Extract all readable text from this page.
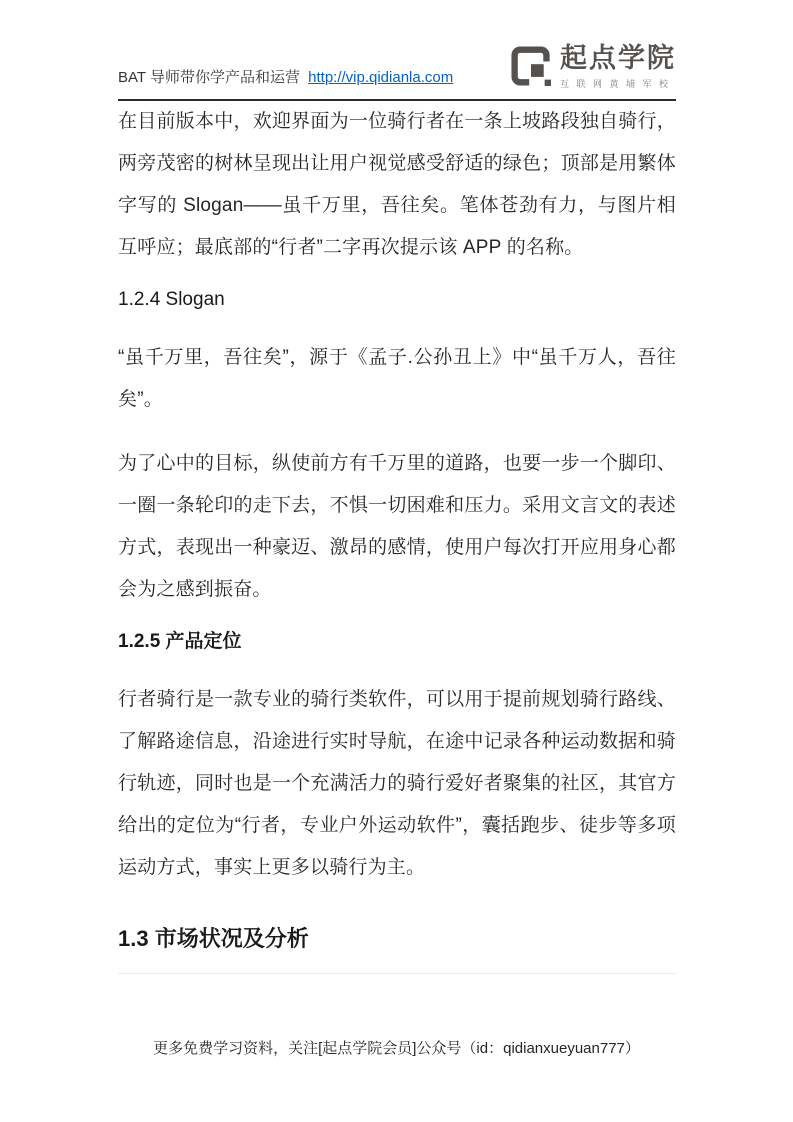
BAT 导师带你学产品和运营 http://vip.qidianla.com
起点学院
互联网黄埔军校

在目前版本中，欢迎界面为一位骑行者在一条上坡路段独自骑行，两旁茂密的树林呈现出让用户视觉感受舒适的绿色；顶部是用繁体字写的 Slogan——虽千万里，吾往矣。笔体苍劲有力，与图片相互呼应；最底部的“行者”二字再次提示该 APP 的名称。

1.2.4 Slogan

“虽千万里，吾往矣”，源于《孟子.公孙丑上》中“虽千万人，吾往矣”。

为了心中的目标，纵使前方有千万里的道路，也要一步一个脚印、一圈一条轮印的走下去，不惧一切困难和压力。采用文言文的表述方式，表现出一种豪迈、激昂的感情，使用户每次打开应用身心都会为之感到振奋。

1.2.5 产品定位

行者骑行是一款专业的骑行类软件，可以用于提前规划骑行路线、了解路途信息，沿途进行实时导航，在途中记录各种运动数据和骑行轨迹，同时也是一个充满活力的骑行爱好者聚集的社区，其官方给出的定位为“行者，专业户外运动软件”，囊括跑步、徒步等多项运动方式，事实上更多以骑行为主。

1.3 市场状况及分析
更多免费学习资料，关注[起点学院会员]公众号（id：qidianxueyuan777）
